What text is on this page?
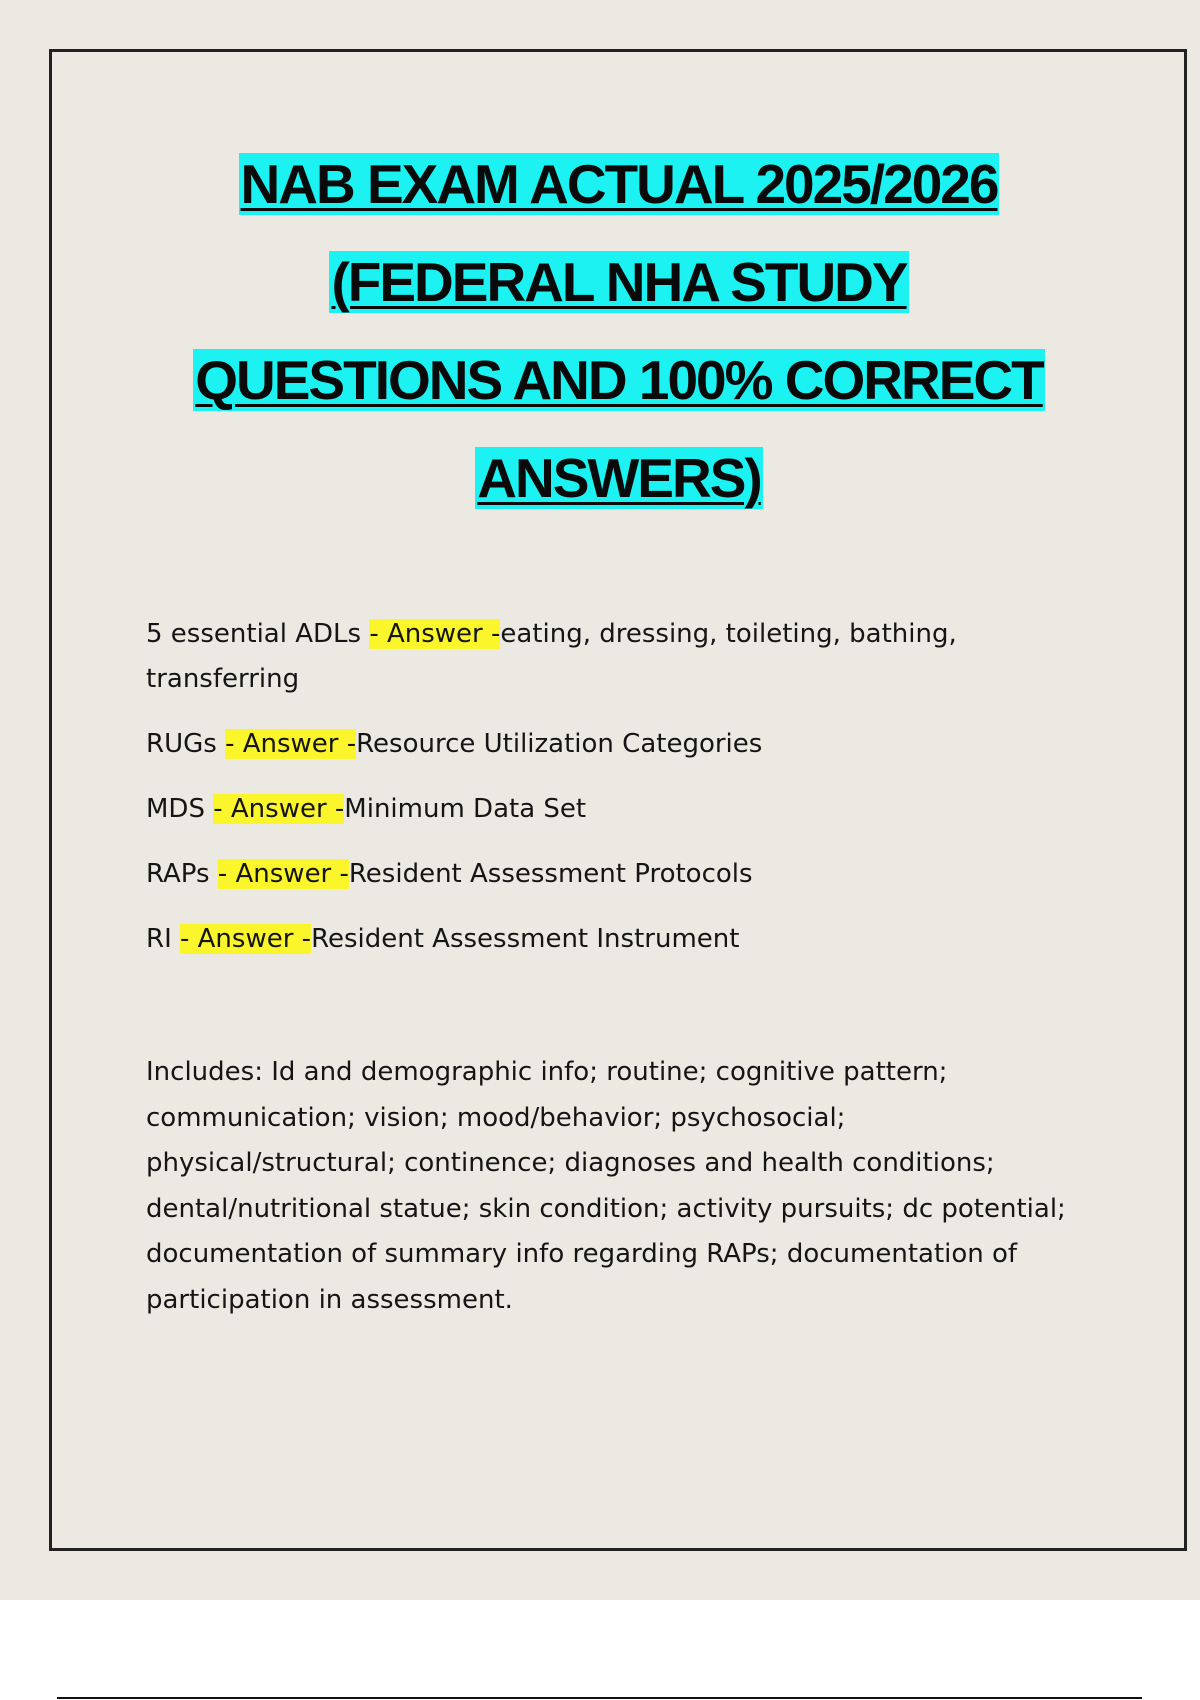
NAB EXAM ACTUAL 2025/2026
(FEDERAL NHA STUDY
QUESTIONS AND 100% CORRECT
ANSWERS)
5 essential ADLs - Answer -eating, dressing, toileting, bathing, transferring
RUGs - Answer -Resource Utilization Categories
MDS - Answer -Minimum Data Set
RAPs - Answer -Resident Assessment Protocols
RI - Answer -Resident Assessment Instrument

Includes: Id and demographic info; routine; cognitive pattern; communication; vision; mood/behavior; psychosocial; physical/structural; continence; diagnoses and health conditions; dental/nutritional statue; skin condition; activity pursuits; dc potential; documentation of summary info regarding RAPs; documentation of participation in assessment.
